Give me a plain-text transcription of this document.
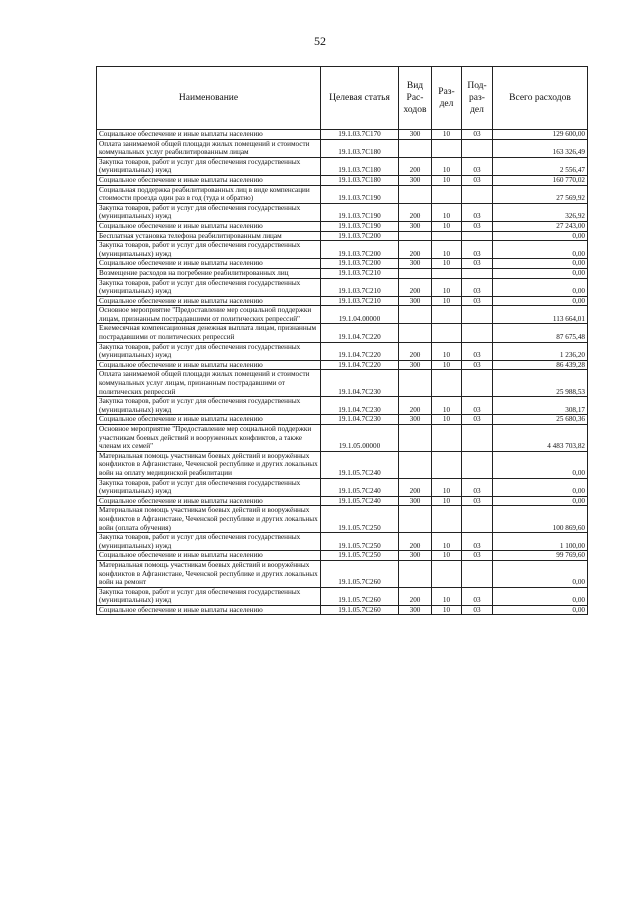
52
Наименование	Целевая статья	Вид Рас-ходов	Раз-дел	Под-раз-дел	Всего расходов
Социальное обеспечение и иные выплаты населению	19.1.03.7С170	300	10	03	129 600,00
Оплата занимаемой общей площади жилых помещений и стоимости коммунальных услуг реабилитированным лицам	19.1.03.7С180				163 326,49
Закупка товаров, работ и услуг для обеспечения государственных (муниципальных) нужд	19.1.03.7С180	200	10	03	2 556,47
Социальное обеспечение и иные выплаты населению	19.1.03.7С180	300	10	03	160 770,02
Социальная поддержка реабилитированных лиц в виде компенсации стоимости проезда один раз в год (туда и обратно)	19.1.03.7С190				27 569,92
Закупка товаров, работ и услуг для обеспечения государственных (муниципальных) нужд	19.1.03.7С190	200	10	03	326,92
Социальное обеспечение и иные выплаты населению	19.1.03.7С190	300	10	03	27 243,00
Бесплатная установка телефона реабилитированным лицам	19.1.03.7С200				0,00
Закупка товаров, работ и услуг для обеспечения государственных (муниципальных) нужд	19.1.03.7С200	200	10	03	0,00
Социальное обеспечение и иные выплаты населению	19.1.03.7С200	300	10	03	0,00
Возмещение расходов на погребение реабилитированных лиц	19.1.03.7С210				0,00
Закупка товаров, работ и услуг для обеспечения государственных (муниципальных) нужд	19.1.03.7С210	200	10	03	0,00
Социальное обеспечение и иные выплаты населению	19.1.03.7С210	300	10	03	0,00
Основное мероприятие "Предоставление мер социальной поддержки лицам, признанным пострадавшими от политических репрессий"	19.1.04.00000				113 664,01
Ежемесячная компенсационная денежная выплата лицам, признанным пострадавшими от политических репрессий	19.1.04.7С220				87 675,48
Закупка товаров, работ и услуг для обеспечения государственных (муниципальных) нужд	19.1.04.7С220	200	10	03	1 236,20
Социальное обеспечение и иные выплаты населению	19.1.04.7С220	300	10	03	86 439,28
Оплата занимаемой общей площади жилых помещений и стоимости коммунальных услуг лицам, признанным пострадавшими от политических репрессий	19.1.04.7С230				25 988,53
Закупка товаров, работ и услуг для обеспечения государственных (муниципальных) нужд	19.1.04.7С230	200	10	03	308,17
Социальное обеспечение и иные выплаты населению	19.1.04.7С230	300	10	03	25 680,36
Основное мероприятие "Предоставление мер социальной поддержки участникам боевых действий и вооруженных конфликтов, а также членам их семей"	19.1.05.00000				4 483 703,82
Материальная помощь участникам боевых действий и вооружённых конфликтов в Афганистане, Чеченской республике и других локальных войн на оплату медицинской реабилитации	19.1.05.7С240				0,00
Закупка товаров, работ и услуг для обеспечения государственных (муниципальных) нужд	19.1.05.7С240	200	10	03	0,00
Социальное обеспечение и иные выплаты населению	19.1.05.7С240	300	10	03	0,00
Материальная помощь участникам боевых действий и вооружённых конфликтов в Афганистане, Чеченской республике и других локальных войн (оплата обучения)	19.1.05.7С250				100 869,60
Закупка товаров, работ и услуг для обеспечения государственных (муниципальных) нужд	19.1.05.7С250	200	10	03	1 100,00
Социальное обеспечение и иные выплаты населению	19.1.05.7С250	300	10	03	99 769,60
Материальная помощь участникам боевых действий и вооружённых конфликтов в Афганистане, Чеченской республике и других локальных войн на ремонт	19.1.05.7С260				0,00
Закупка товаров, работ и услуг для обеспечения государственных (муниципальных) нужд	19.1.05.7С260	200	10	03	0,00
Социальное обеспечение и иные выплаты населению	19.1.05.7С260	300	10	03	0,00
